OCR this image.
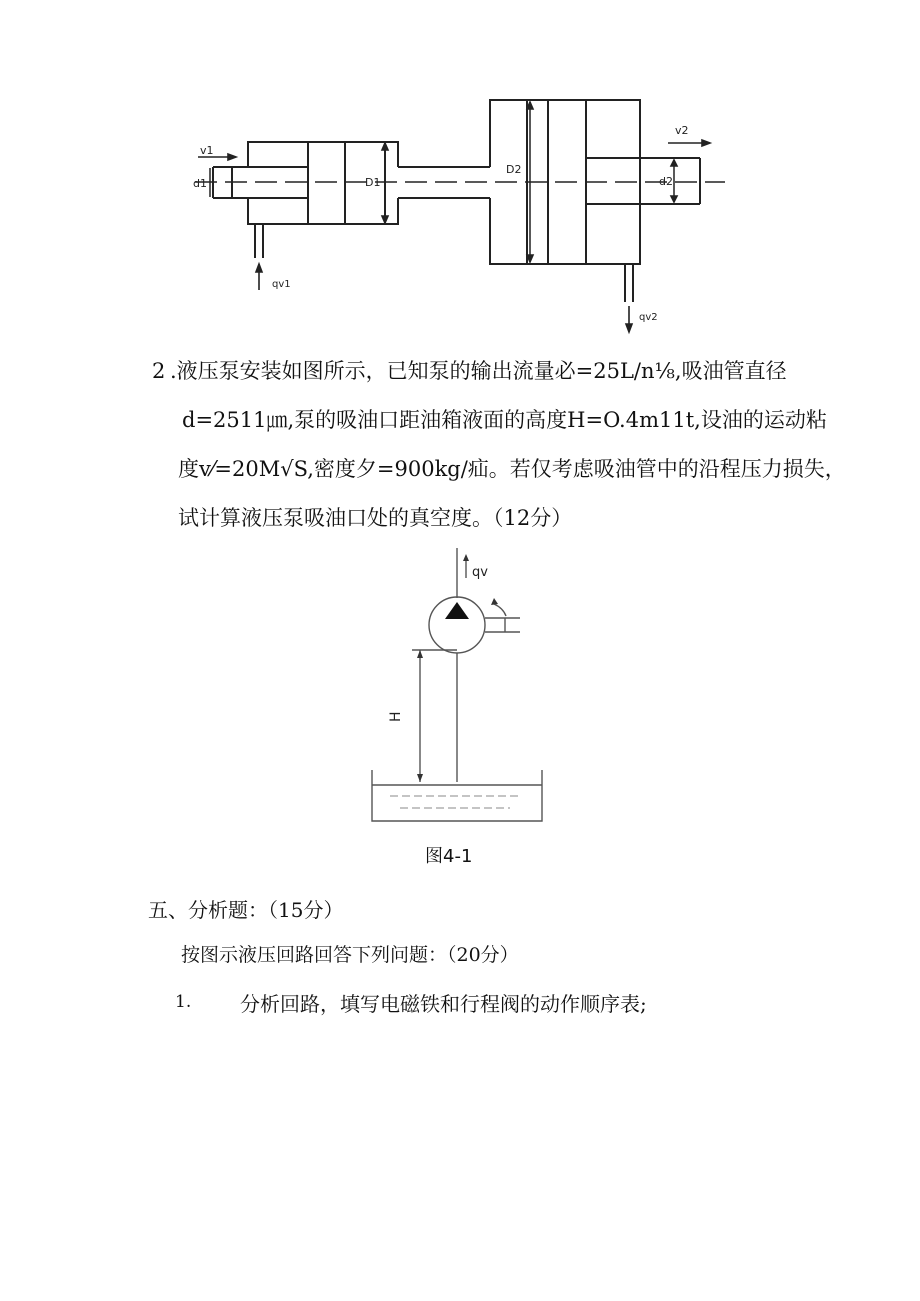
v1
d1	D1
D2
v2
d2
qv1
qv2
2 .液压泵安装如图所示，已知泵的输出流量必=25L/n⅛,吸油管直径
d=2511㎛,泵的吸油口距油箱液面的高度H=O.4m11t,设油的运动粘
度v⁄=20M√S,密度夕=900kg/疝。若仅考虑吸油管中的沿程压力损失，
试计算液压泵吸油口处的真空度。（12分）
qv
H
图4-1
五、分析题：（15分）
按图示液压回路回答下列问题：（20分）
1. 分析回路，填写电磁铁和行程阀的动作顺序表;
